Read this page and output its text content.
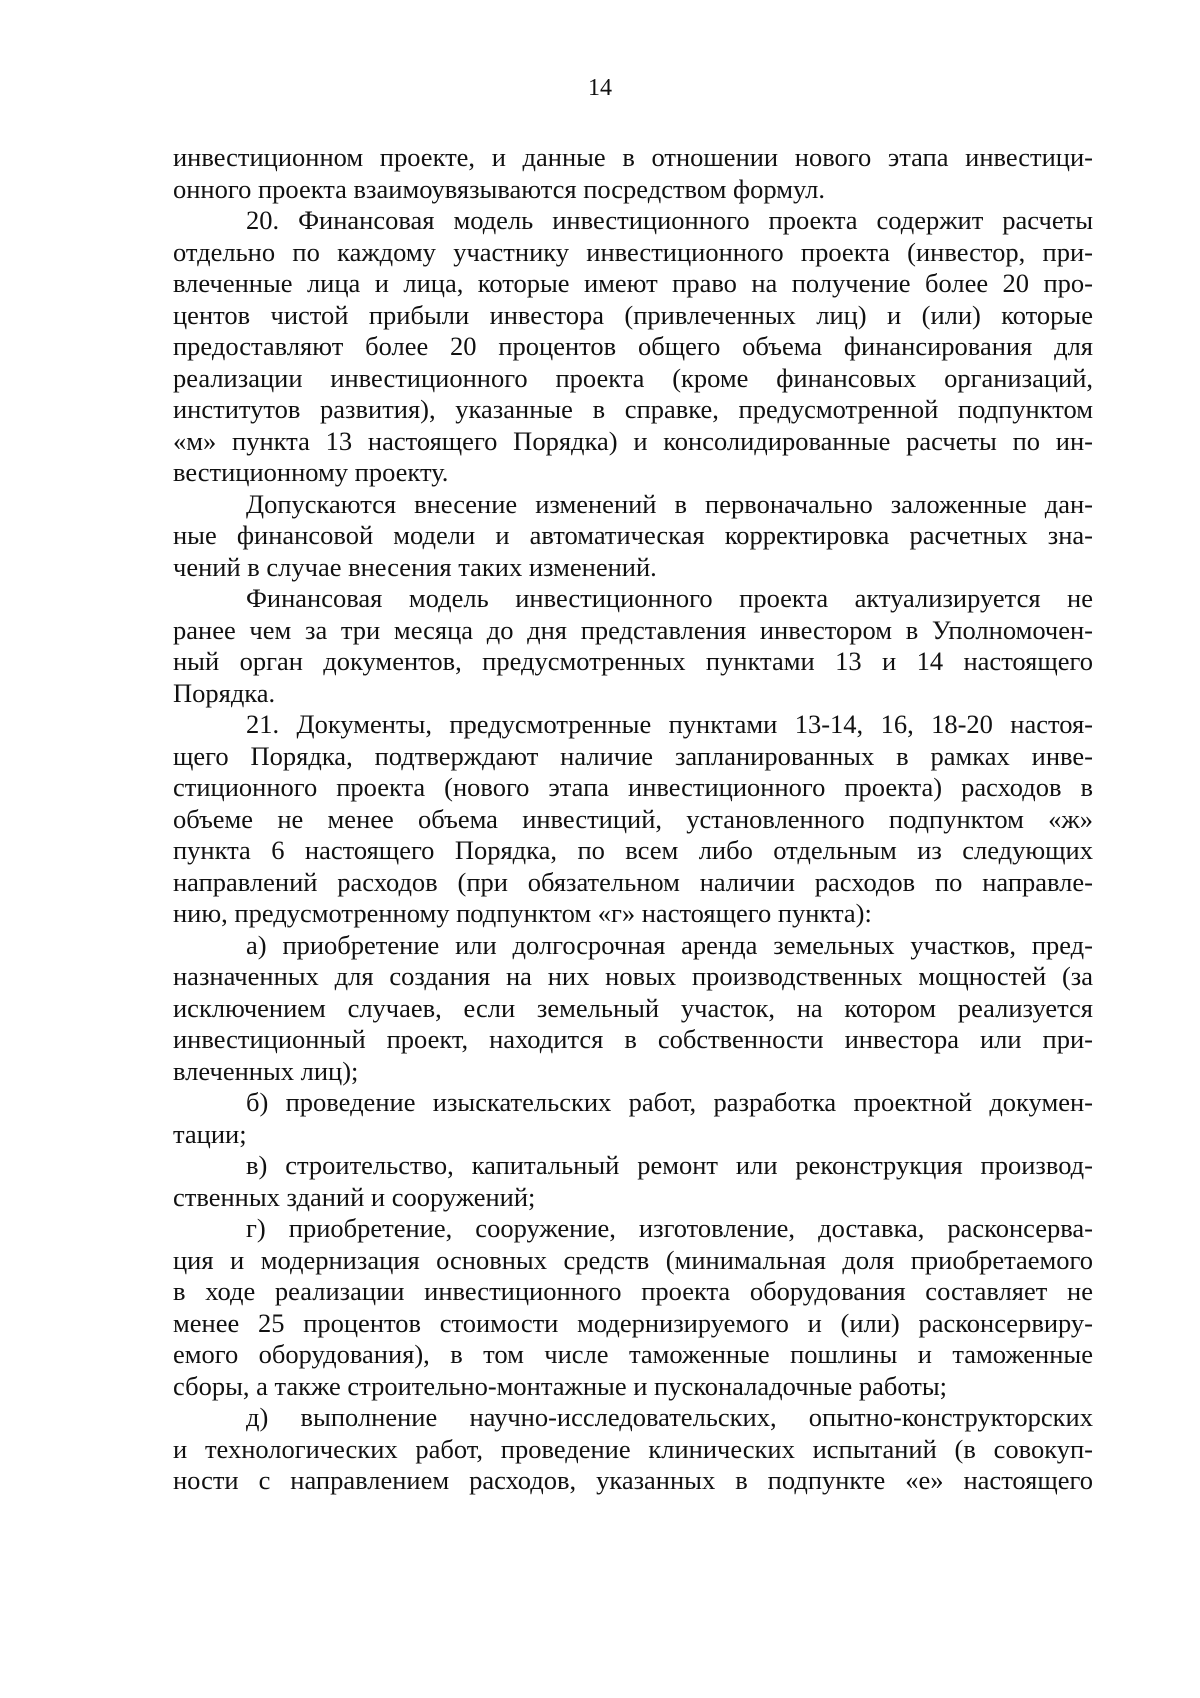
14
инвестиционном проекте, и данные в отношении нового этапа инвестици-
онного проекта взаимоувязываются посредством формул.
20. Финансовая модель инвестиционного проекта содержит расчеты
отдельно по каждому участнику инвестиционного проекта (инвестор, при-
влеченные лица и лица, которые имеют право на получение более 20 про-
центов чистой прибыли инвестора (привлеченных лиц) и (или) которые
предоставляют более 20 процентов общего объема финансирования для
реализации инвестиционного проекта (кроме финансовых организаций,
институтов развития), указанные в справке, предусмотренной подпунктом
«м» пункта 13 настоящего Порядка) и консолидированные расчеты по ин-
вестиционному проекту.
Допускаются внесение изменений в первоначально заложенные дан-
ные финансовой модели и автоматическая корректировка расчетных зна-
чений в случае внесения таких изменений.
Финансовая модель инвестиционного проекта актуализируется не
ранее чем за три месяца до дня представления инвестором в Уполномочен-
ный орган документов, предусмотренных пунктами 13 и 14 настоящего
Порядка.
21. Документы, предусмотренные пунктами 13-14, 16, 18-20 настоя-
щего Порядка, подтверждают наличие запланированных в рамках инве-
стиционного проекта (нового этапа инвестиционного проекта) расходов в
объеме не менее объема инвестиций, установленного подпунктом «ж»
пункта 6 настоящего Порядка, по всем либо отдельным из следующих
направлений расходов (при обязательном наличии расходов по направле-
нию, предусмотренному подпунктом «г» настоящего пункта):
а) приобретение или долгосрочная аренда земельных участков, пред-
назначенных для создания на них новых производственных мощностей (за
исключением случаев, если земельный участок, на котором реализуется
инвестиционный проект, находится в собственности инвестора или при-
влеченных лиц);
б) проведение изыскательских работ, разработка проектной докумен-
тации;
в) строительство, капитальный ремонт или реконструкция производ-
ственных зданий и сооружений;
г) приобретение, сооружение, изготовление, доставка, расконсерва-
ция и модернизация основных средств (минимальная доля приобретаемого
в ходе реализации инвестиционного проекта оборудования составляет не
менее 25 процентов стоимости модернизируемого и (или) расконсервиру-
емого оборудования), в том числе таможенные пошлины и таможенные
сборы, а также строительно-монтажные и пусконаладочные работы;
д) выполнение научно-исследовательских, опытно-конструкторских
и технологических работ, проведение клинических испытаний (в совокуп-
ности с направлением расходов, указанных в подпункте «е» настоящего
